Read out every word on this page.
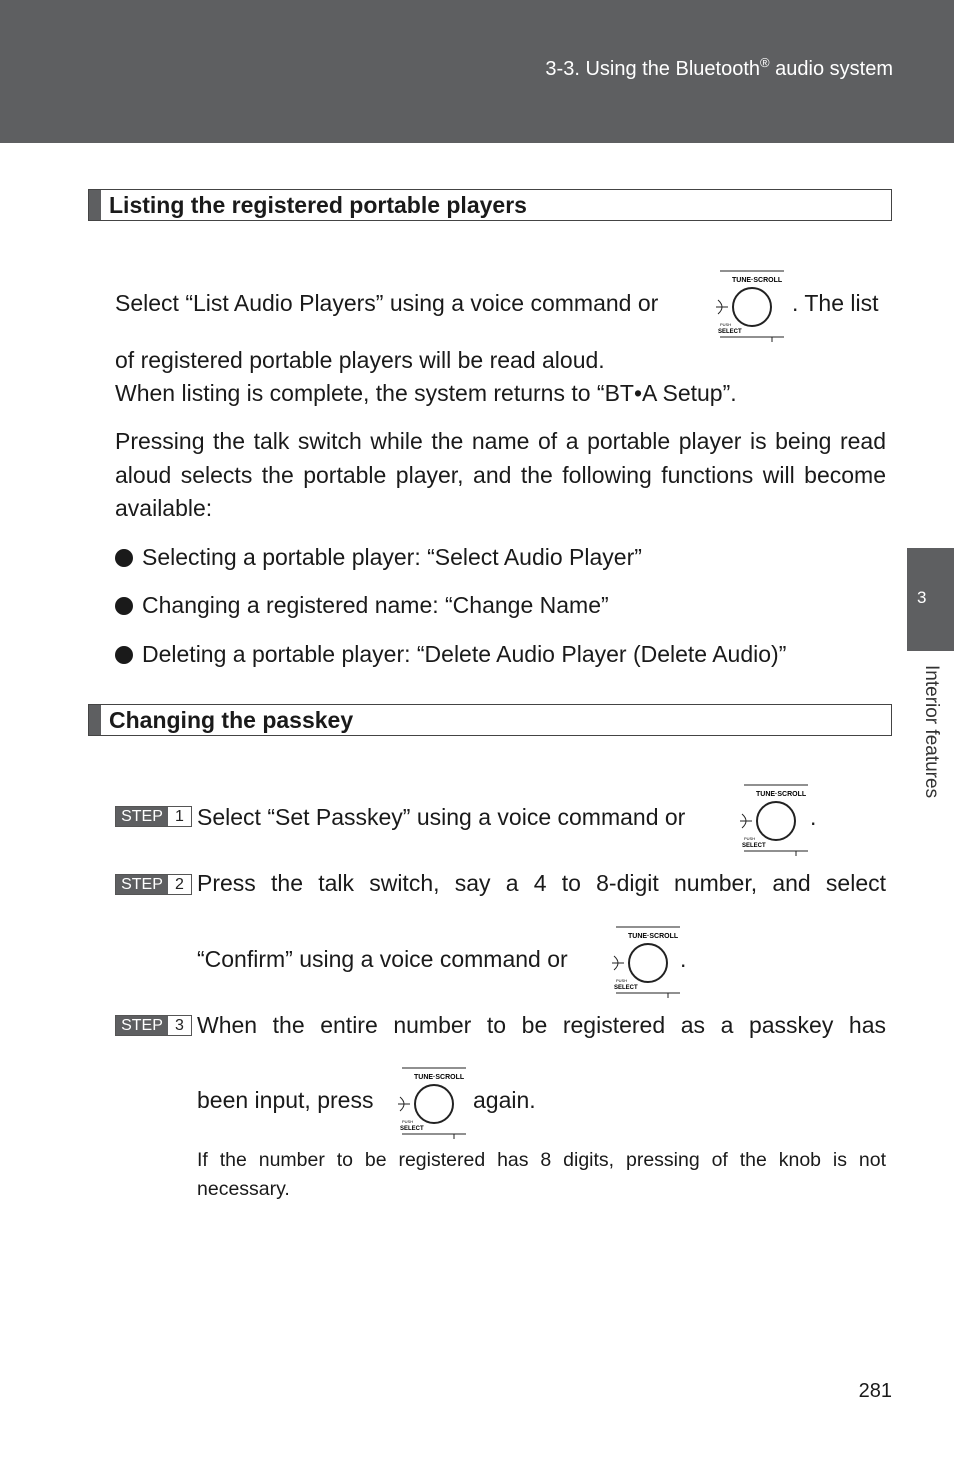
3-3. Using the Bluetooth® audio system
3
Interior features
Listing the registered portable players
Select “List Audio Players” using a voice command or
TUNE·SCROLL
PUSH
SELECT
. The list
of registered portable players will be read aloud.
When listing is complete, the system returns to “BT•A Setup”.
Pressing the talk switch while the name of a portable player is being read aloud selects the portable player, and the following functions will become available:
Selecting a portable player: “Select Audio Player”
Changing a registered name: “Change Name”
Deleting a portable player: “Delete Audio Player (Delete Audio)”
Changing the passkey
STEP 1 Select “Set Passkey” using a voice command or
TUNE·SCROLL
PUSH
SELECT
.
STEP 2 Press the talk switch, say a 4 to 8-digit number, and select
“Confirm” using a voice command or
TUNE·SCROLL
PUSH
SELECT
.
STEP 3 When the entire number to be registered as a passkey has
been input, press
TUNE·SCROLL
PUSH
SELECT
again.
If the number to be registered has 8 digits, pressing of the knob is not necessary.
281
